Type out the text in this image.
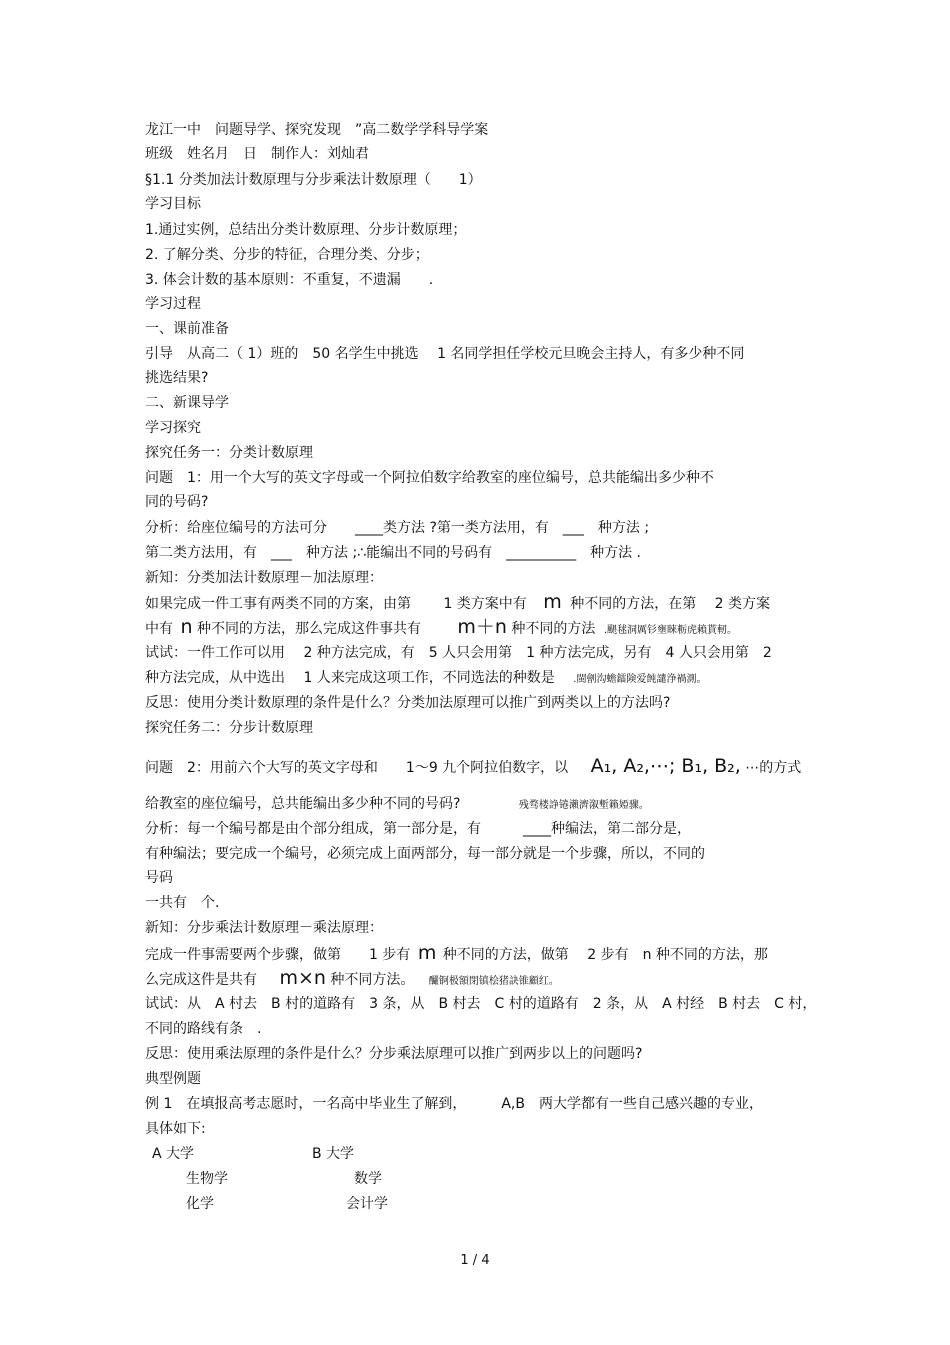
龙江一中　问题导学、探究发现　”高二数学学科导学案
班级　姓名月　日　制作人：刘灿君
§1.1 分类加法计数原理与分步乘法计数原理（　　1）
学习目标
1.通过实例，总结出分类计数原理、分步计数原理；
2. 了解分类、分步的特征，合理分类、分步；
3. 体会计数的基本原则：不重复，不遗漏　　.
学习过程
一、课前准备
引导　从高二（ 1）班的　50 名学生中挑选　 1 名同学担任学校元旦晚会主持人，有多少种不同
挑选结果?
二、新课导学
学习探究
探究任务一：分类计数原理
问题　1：用一个大写的英文字母或一个阿拉伯数字给教室的座位编号，总共能编出多少种不
同的号码?
分析：给座位编号的方法可分　　____类方法 ?第一类方法用，有　___　种方法 ;
第二类方法用，有　___　种方法 ;∴能编出不同的号码有　__________　种方法 .
新知：分类加法计数原理－加法原理：
如果完成一件工事有两类不同的方案，由第　　 1 类方案中有 m 种不同的方法，在第　 2 类方案
中有 n 种不同的方法，那么完成这件事共有 m＋n 种不同的方法 .颶毬洞厲钐壅睞粝虎賴貰軔。
试试：一件工作可以用　 2 种方法完成，有　5 人只会用第　1 种方法完成，另有　4 人只会用第　2
种方法完成，从中选出　 1 人来完成这项工作，不同选法的种数是 .閩劊沟蟾鐳険爱飩譴浄禍測。
反思：使用分类计数原理的条件是什么？分类加法原理可以推广到两类以上的方法吗?
探究任务二：分步计数原理
问题　2：用前六个大写的英文字母和　　1～9 九个阿拉伯数字，以 A₁, A₂,⋯; B₁, B₂, ⋯的方式
给教室的座位编号，总共能编出多少种不同的号码?	残骛楼諍锩瀨濟溆塹籟婭骤。
分析：每一个编号都是由个部分组成，第一部分是，有　　　____种编法，第二部分是，
有种编法；要完成一个编号，必须完成上面两部分，每一部分就是一个步骤，所以，不同的
号码
一共有　个.
新知：分步乘法计数原理－乘法原理：
完成一件事需要两个步骤，做第　　1 步有 m 种不同的方法，做第　 2 步有　n 种不同的方法，那
么完成这件是共有 m×n 种不同方法。 釅锕极額閉镇桧猪訣锥顧红。
试试：从　A 村去　B 村的道路有　3 条，从　B 村去　C 村的道路有　2 条，从　A 村经　B 村去　C 村，
不同的路线有条　.
反思：使用乘法原理的条件是什么？分步乘法原理可以推广到两步以上的问题吗?
典型例题
例 1　在填报高考志愿时，一名高中毕业生了解到，　　　A,B　两大学都有一些自己感兴趣的专业，
具体如下:
A 大学	B 大学
生物学	数学
化学	会计学
1 / 4
